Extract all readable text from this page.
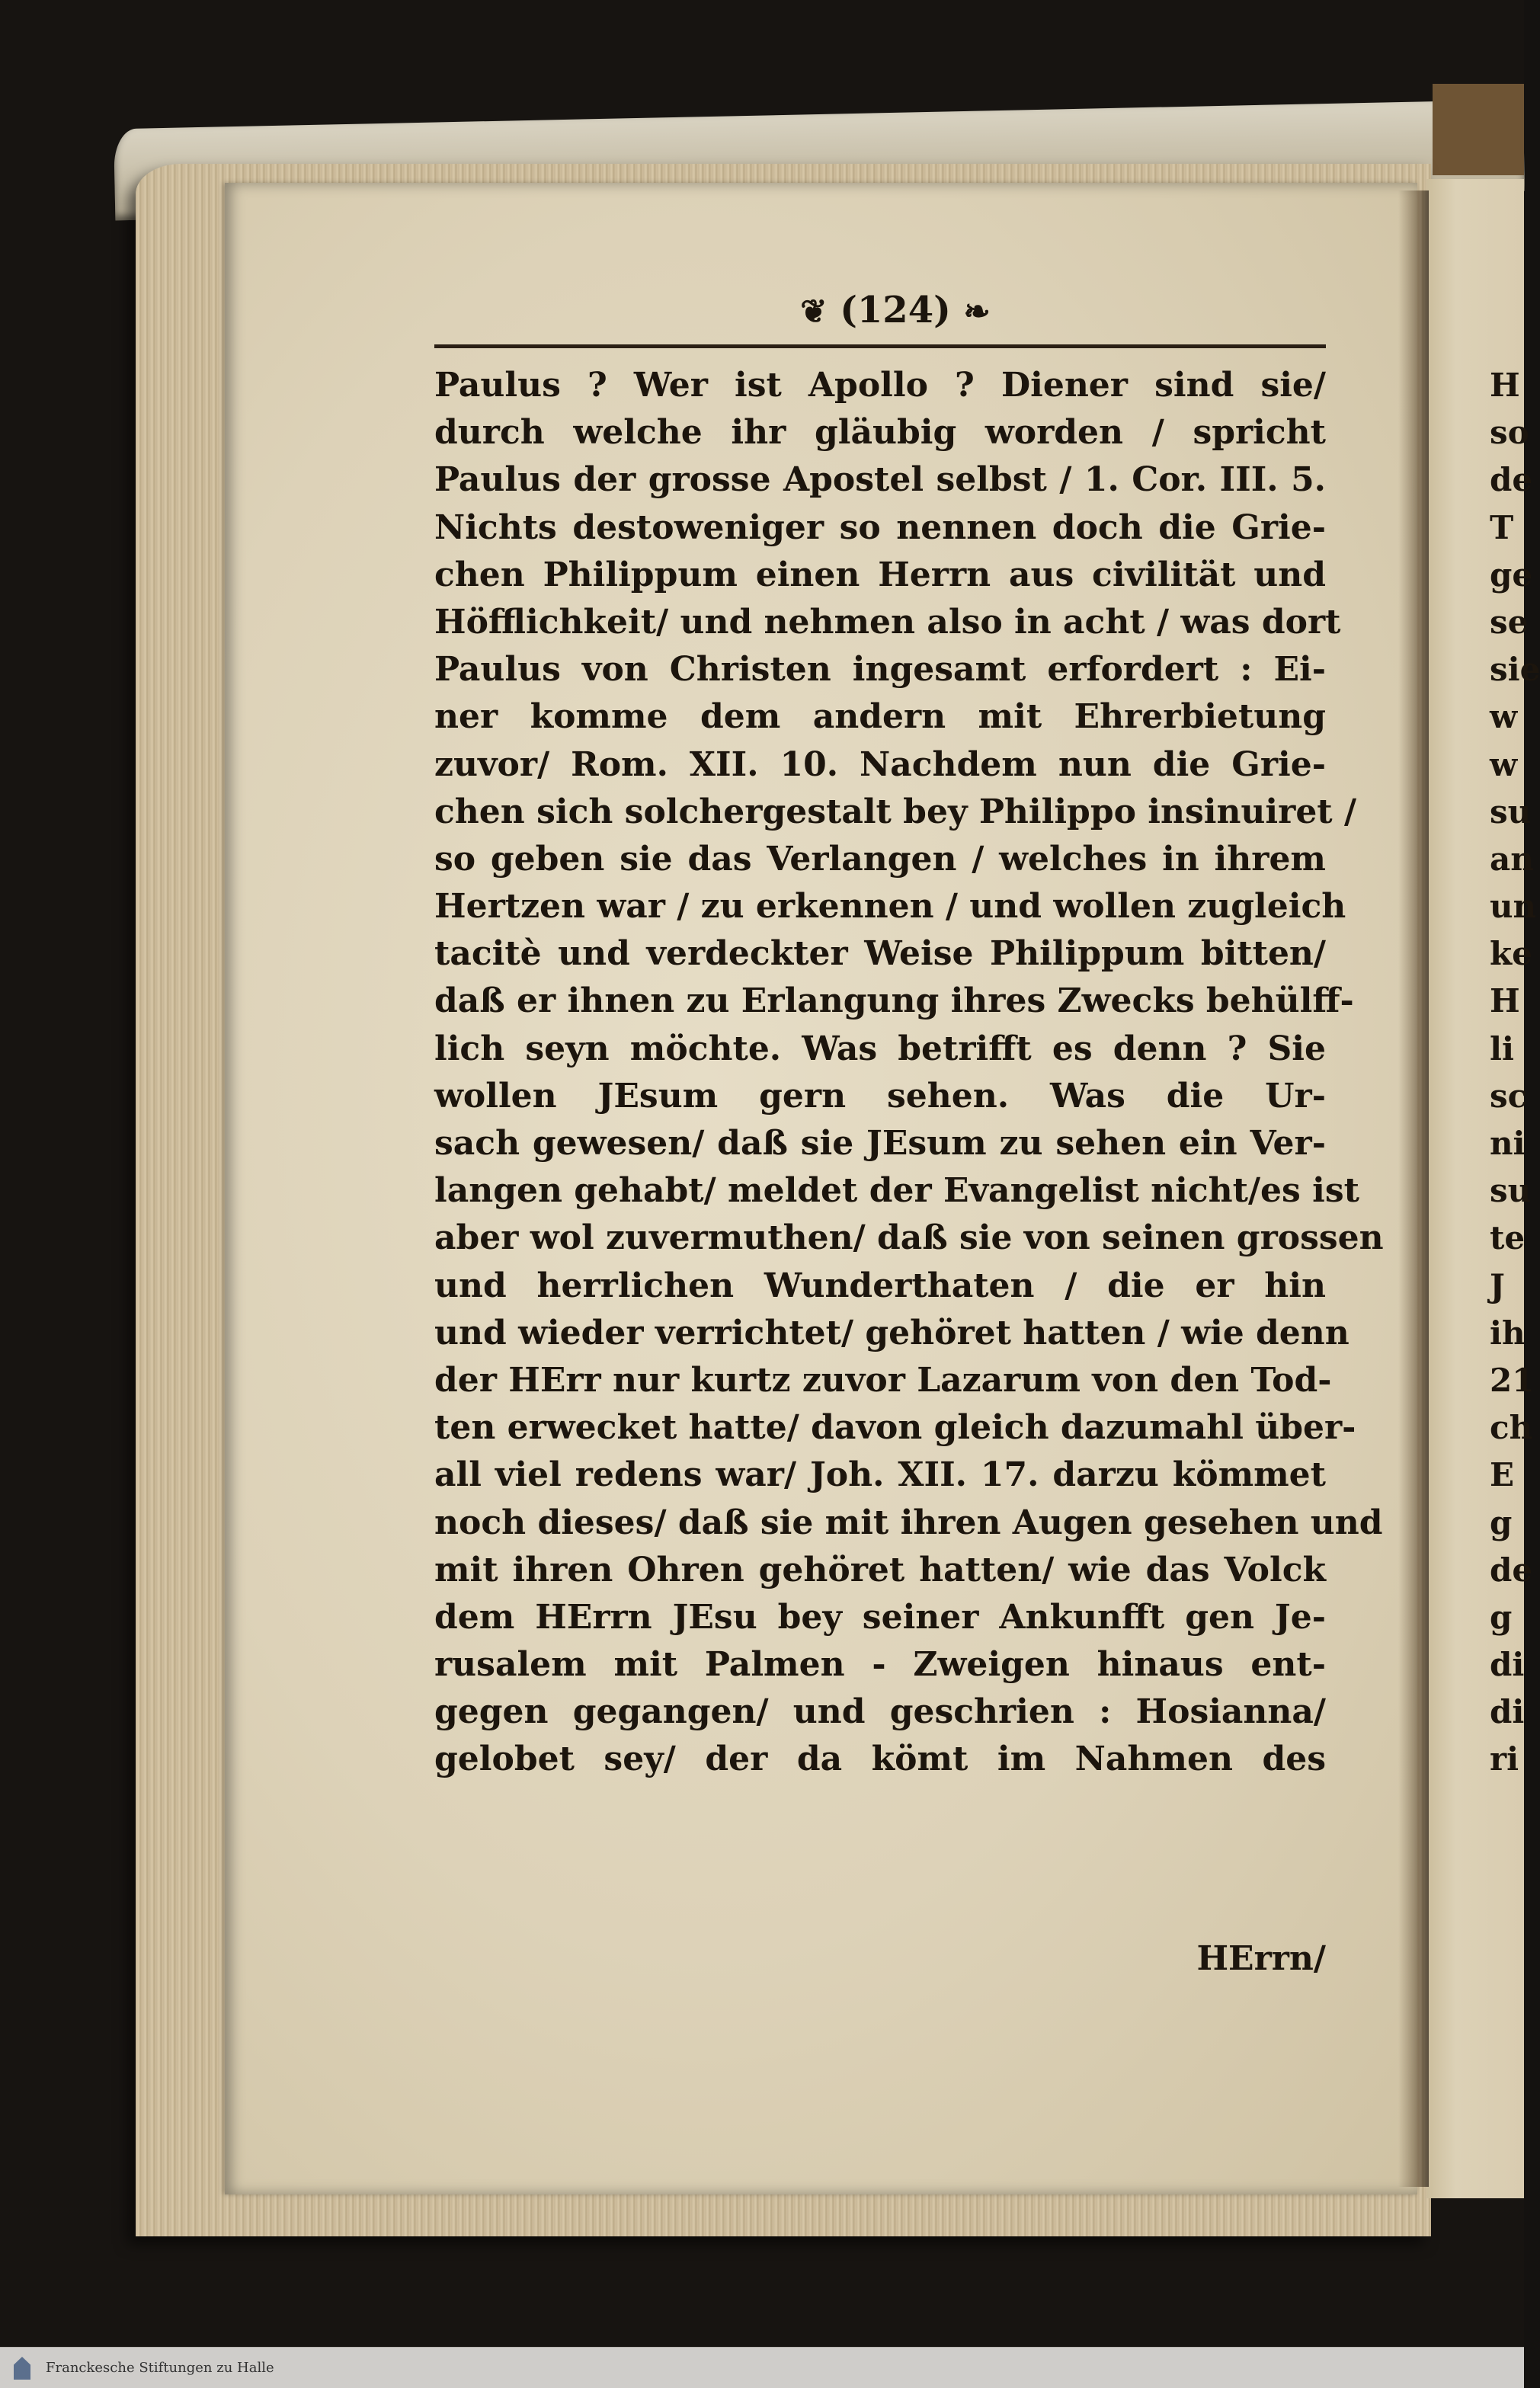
❦ (124) ❧
Paulus ? Wer ist Apollo ? Diener sind sie/
durch welche ihr gläubig worden / spricht
Paulus der grosse Apostel selbst / 1. Cor. III. 5.
Nichts destoweniger so nennen doch die Grie-
chen Philippum einen Herrn aus civilität und
Höfflichkeit/ und nehmen also in acht / was dort
Paulus von Christen ingesamt erfordert : Ei-
ner komme dem andern mit Ehrerbietung
zuvor/ Rom. XII. 10. Nachdem nun die Grie-
chen sich solchergestalt bey Philippo insinuiret /
so geben sie das Verlangen / welches in ihrem
Hertzen war / zu erkennen / und wollen zugleich
tacitè und verdeckter Weise Philippum bitten/
daß er ihnen zu Erlangung ihres Zwecks behülff-
lich seyn möchte. Was betrifft es denn ? Sie
wollen JEsum gern sehen. Was die Ur-
sach gewesen/ daß sie JEsum zu sehen ein Ver-
langen gehabt/ meldet der Evangelist nicht/es ist
aber wol zuvermuthen/ daß sie von seinen grossen
und herrlichen Wunderthaten / die er hin
und wieder verrichtet/ gehöret hatten / wie denn
der HErr nur kurtz zuvor Lazarum von den Tod-
ten erwecket hatte/ davon gleich dazumahl über-
all viel redens war/ Joh. XII. 17. darzu kömmet
noch dieses/ daß sie mit ihren Augen gesehen und
mit ihren Ohren gehöret hatten/ wie das Volck
dem HErrn JEsu bey seiner Ankunfft gen Je-
rusalem mit Palmen - Zweigen hinaus ent-
gegen gegangen/ und geschrien : Hosianna/
gelobet sey/ der da kömt im Nahmen des
HErrn/
H
so
de
T
ge
se
sie
w
w
su
an
un
ke
H
li
sc
ni
su
te
J
ih
21
ch
E
g
de
g
di
di
ri
Franckesche Stiftungen zu Halle
